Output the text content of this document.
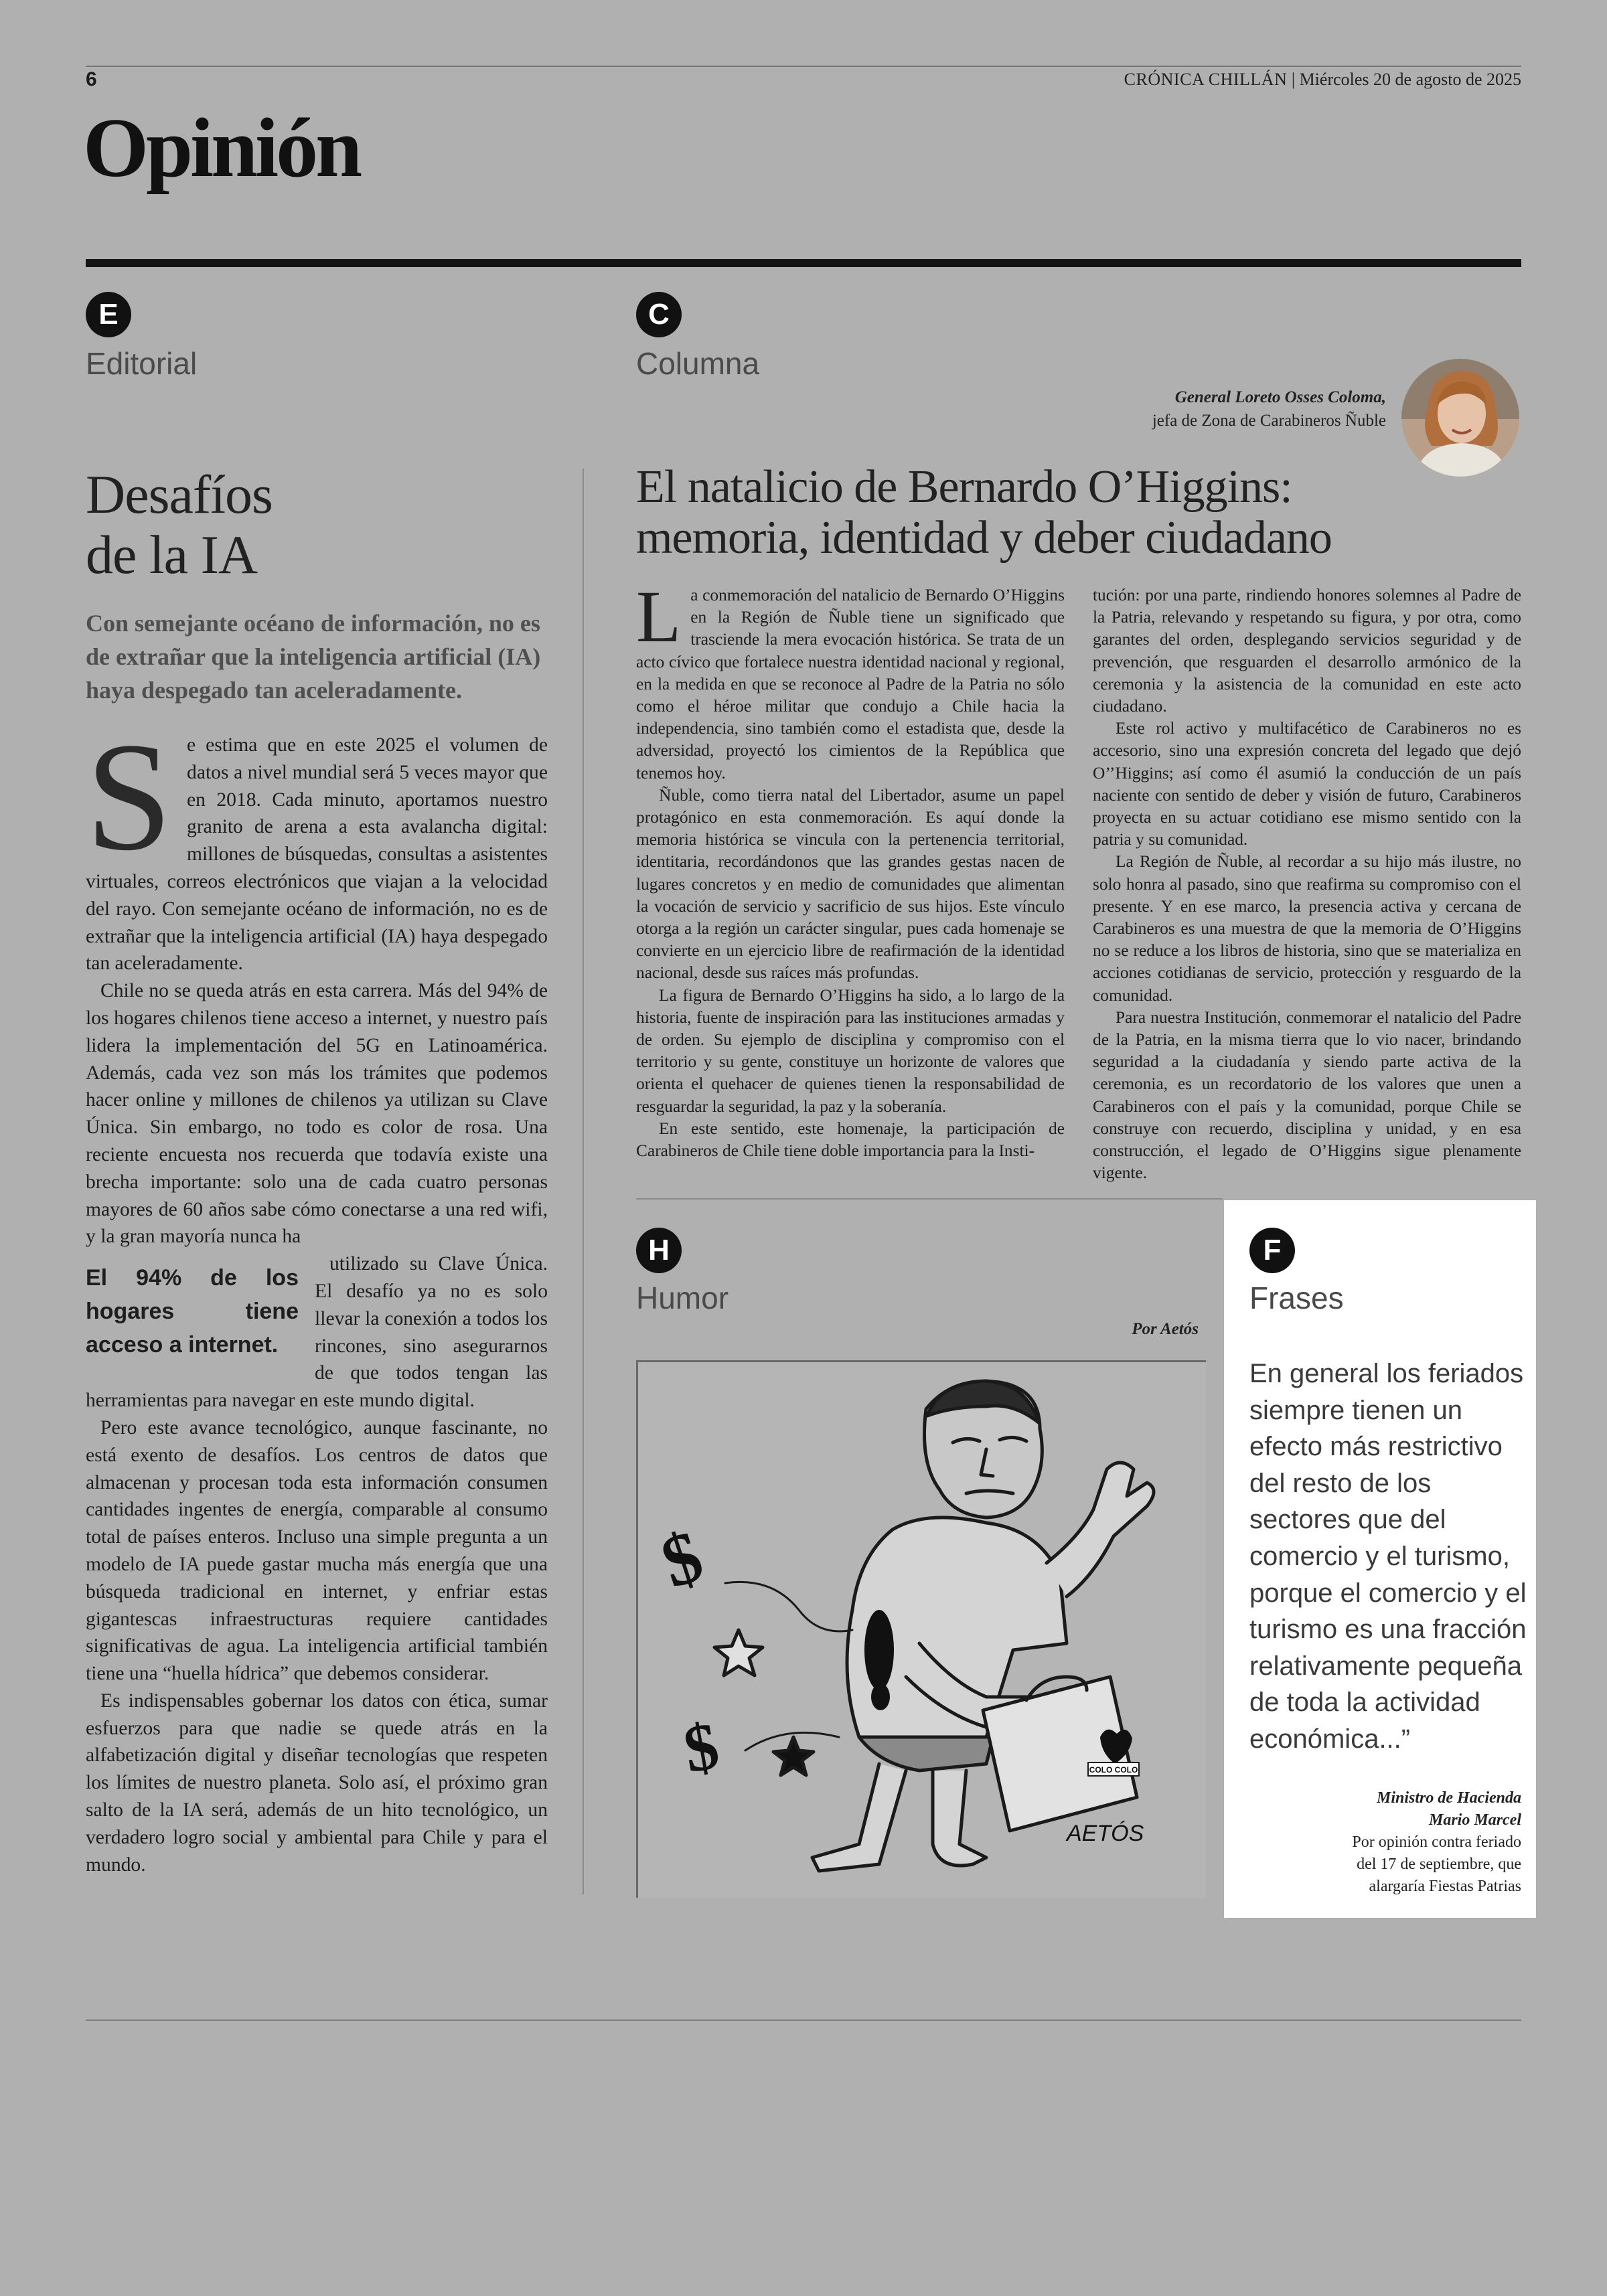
6	CRÓNICA CHILLÁN | Miércoles 20 de agosto de 2025
Opinión
E
Editorial
Desafíos
de la IA
Con semejante océano de información, no es de extrañar que la inteligencia artificial (IA) haya despegado tan aceleradamente.

Se estima que en este 2025 el volumen de datos a nivel mundial será 5 veces mayor que en 2018. Cada minuto, aportamos nuestro granito de arena a esta avalancha digital: millones de búsquedas, consultas a asistentes virtuales, correos electrónicos que viajan a la velocidad del rayo. Con semejante océano de información, no es de extrañar que la inteligencia artificial (IA) haya despegado tan aceleradamente.

Chile no se queda atrás en esta carrera. Más del 94% de los hogares chilenos tiene acceso a internet, y nuestro país lidera la implementación del 5G en Latinoamérica. Además, cada vez son más los trámites que podemos hacer online y millones de chilenos ya utilizan su Clave Única. Sin embargo, no todo es color de rosa. Una reciente encuesta nos recuerda que todavía existe una brecha importante: solo una de cada cuatro personas mayores de 60 años sabe cómo conectarse a una red wifi, y la gran mayoría nunca ha

El 94% de los hogares tiene acceso a internet.
utilizado su Clave Única. El desafío ya no es solo llevar la conexión a todos los rincones, sino asegurarnos de que todos tengan las herramientas para navegar en este mundo digital.

Pero este avance tecnológico, aunque fascinante, no está exento de desafíos. Los centros de datos que almacenan y procesan toda esta información consumen cantidades ingentes de energía, comparable al consumo total de países enteros. Incluso una simple pregunta a un modelo de IA puede gastar mucha más energía que una búsqueda tradicional en internet, y enfriar estas gigantescas infraestructuras requiere cantidades significativas de agua. La inteligencia artificial también tiene una “huella hídrica” que debemos considerar.

Es indispensables gobernar los datos con ética, sumar esfuerzos para que nadie se quede atrás en la alfabetización digital y diseñar tecnologías que respeten los límites de nuestro planeta. Solo así, el próximo gran salto de la IA será, además de un hito tecnológico, un verdadero logro social y ambiental para Chile y para el mundo.

C
Columna
General Loreto Osses Coloma,
jefa de Zona de Carabineros Ñuble
El natalicio de Bernardo O’Higgins:
memoria, identidad y deber ciudadano

La conmemoración del natalicio de Bernardo O’Higgins en la Región de Ñuble tiene un significado que trasciende la mera evocación histórica. Se trata de un acto cívico que fortalece nuestra identidad nacional y regional, en la medida en que se reconoce al Padre de la Patria no sólo como el héroe militar que condujo a Chile hacia la independencia, sino también como el estadista que, desde la adversidad, proyectó los cimientos de la República que tenemos hoy.

Ñuble, como tierra natal del Libertador, asume un papel protagónico en esta conmemoración. Es aquí donde la memoria histórica se vincula con la pertenencia territorial, identitaria, recordándonos que las grandes gestas nacen de lugares concretos y en medio de comunidades que alimentan la vocación de servicio y sacrificio de sus hijos. Este vínculo otorga a la región un carácter singular, pues cada homenaje se convierte en un ejercicio libre de reafirmación de la identidad nacional, desde sus raíces más profundas.

La figura de Bernardo O’Higgins ha sido, a lo largo de la historia, fuente de inspiración para las instituciones armadas y de orden. Su ejemplo de disciplina y compromiso con el territorio y su gente, constituye un horizonte de valores que orienta el quehacer de quienes tienen la responsabilidad de resguardar la seguridad, la paz y la soberanía.

En este sentido, este homenaje, la participación de Carabineros de Chile tiene doble importancia para la Insti-

tución: por una parte, rindiendo honores solemnes al Padre de la Patria, relevando y respetando su figura, y por otra, como garantes del orden, desplegando servicios seguridad y de prevención, que resguarden el desarrollo armónico de la ceremonia y la asistencia de la comunidad en este acto ciudadano.

Este rol activo y multifacético de Carabineros no es accesorio, sino una expresión concreta del legado que dejó O’’Higgins; así como él asumió la conducción de un país naciente con sentido de deber y visión de futuro, Carabineros proyecta en su actuar cotidiano ese mismo sentido con la patria y su comunidad.

La Región de Ñuble, al recordar a su hijo más ilustre, no solo honra al pasado, sino que reafirma su compromiso con el presente. Y en ese marco, la presencia activa y cercana de Carabineros es una muestra de que la memoria de O’Higgins no se reduce a los libros de historia, sino que se materializa en acciones cotidianas de servicio, protección y resguardo de la comunidad.

Para nuestra Institución, conmemorar el natalicio del Padre de la Patria, en la misma tierra que lo vio nacer, brindando seguridad a la ciudadanía y siendo parte activa de la ceremonia, es un recordatorio de los valores que unen a Carabineros con el país y la comunidad, porque Chile se construye con recuerdo, disciplina y unidad, y en esa construcción, el legado de O’Higgins sigue plenamente vigente.

H
Humor
Por Aetós
COLO COLO
$
$
AETÓS
F
Frases
En general los feriados siempre tienen un efecto más restrictivo del resto de los sectores que del comercio y el turismo, porque el comercio y el turismo es una fracción relativamente pequeña de toda la actividad económica...”
Ministro de Hacienda
Mario Marcel
Por opinión contra feriado
del 17 de septiembre, que
alargaría Fiestas Patrias
